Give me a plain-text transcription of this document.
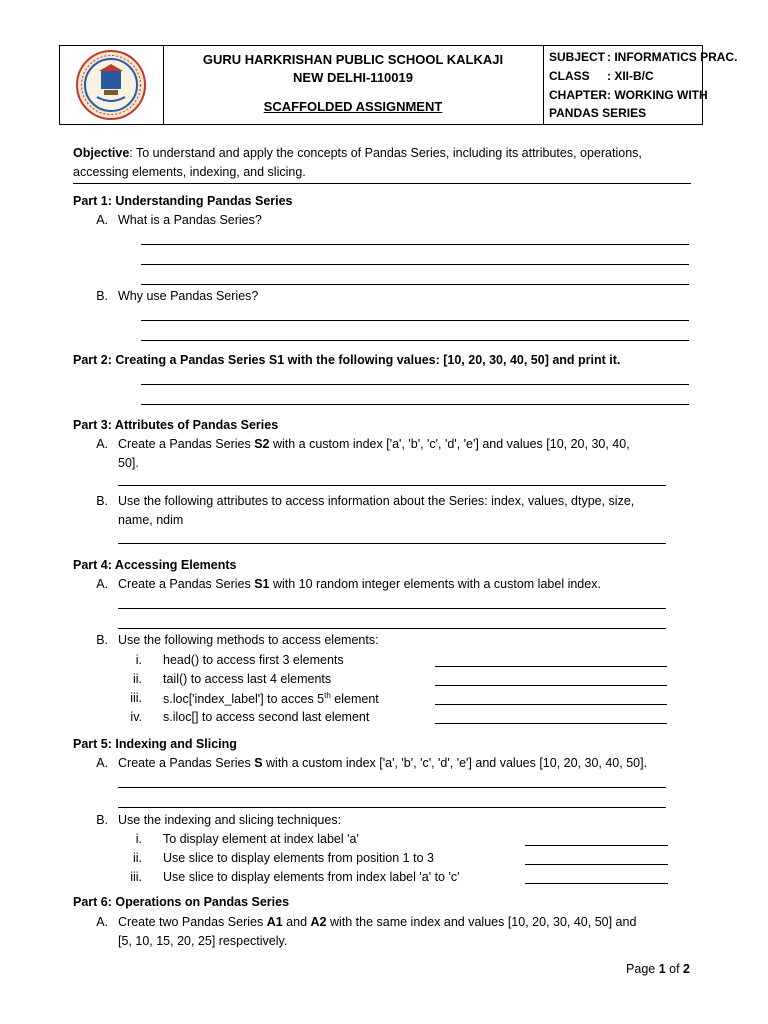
GURU HARKRISHAN PUBLIC SCHOOL KALKAJI
NEW DELHI-110019
SCAFFOLDED ASSIGNMENT
SUBJECT : INFORMATICS PRAC.
CLASS : XII-B/C
CHAPTER: WORKING WITH
PANDAS SERIES
Objective: To understand and apply the concepts of Pandas Series, including its attributes, operations,
accessing elements, indexing, and slicing.
Part 1: Understanding Pandas Series
A. What is a Pandas Series?
B. Why use Pandas Series?
Part 2: Creating a Pandas Series S1 with the following values: [10, 20, 30, 40, 50] and print it.
Part 3: Attributes of Pandas Series
A. Create a Pandas Series S2 with a custom index ['a', 'b', 'c', 'd', 'e'] and values [10, 20, 30, 40,
50].
B. Use the following attributes to access information about the Series: index, values, dtype, size,
name, ndim
Part 4: Accessing Elements
A. Create a Pandas Series S1 with 10 random integer elements with a custom label index.
B. Use the following methods to access elements:
i. head() to access first 3 elements
ii. tail() to access last 4 elements
iii. s.loc['index_label'] to acces 5th element
iv. s.iloc[] to access second last element
Part 5: Indexing and Slicing
A. Create a Pandas Series S with a custom index ['a', 'b', 'c', 'd', 'e'] and values [10, 20, 30, 40, 50].
B. Use the indexing and slicing techniques:
i. To display element at index label 'a'
ii. Use slice to display elements from position 1 to 3
iii. Use slice to display elements from index label 'a' to 'c'
Part 6: Operations on Pandas Series
A. Create two Pandas Series A1 and A2 with the same index and values [10, 20, 30, 40, 50] and
[5, 10, 15, 20, 25] respectively.
Page 1 of 2
